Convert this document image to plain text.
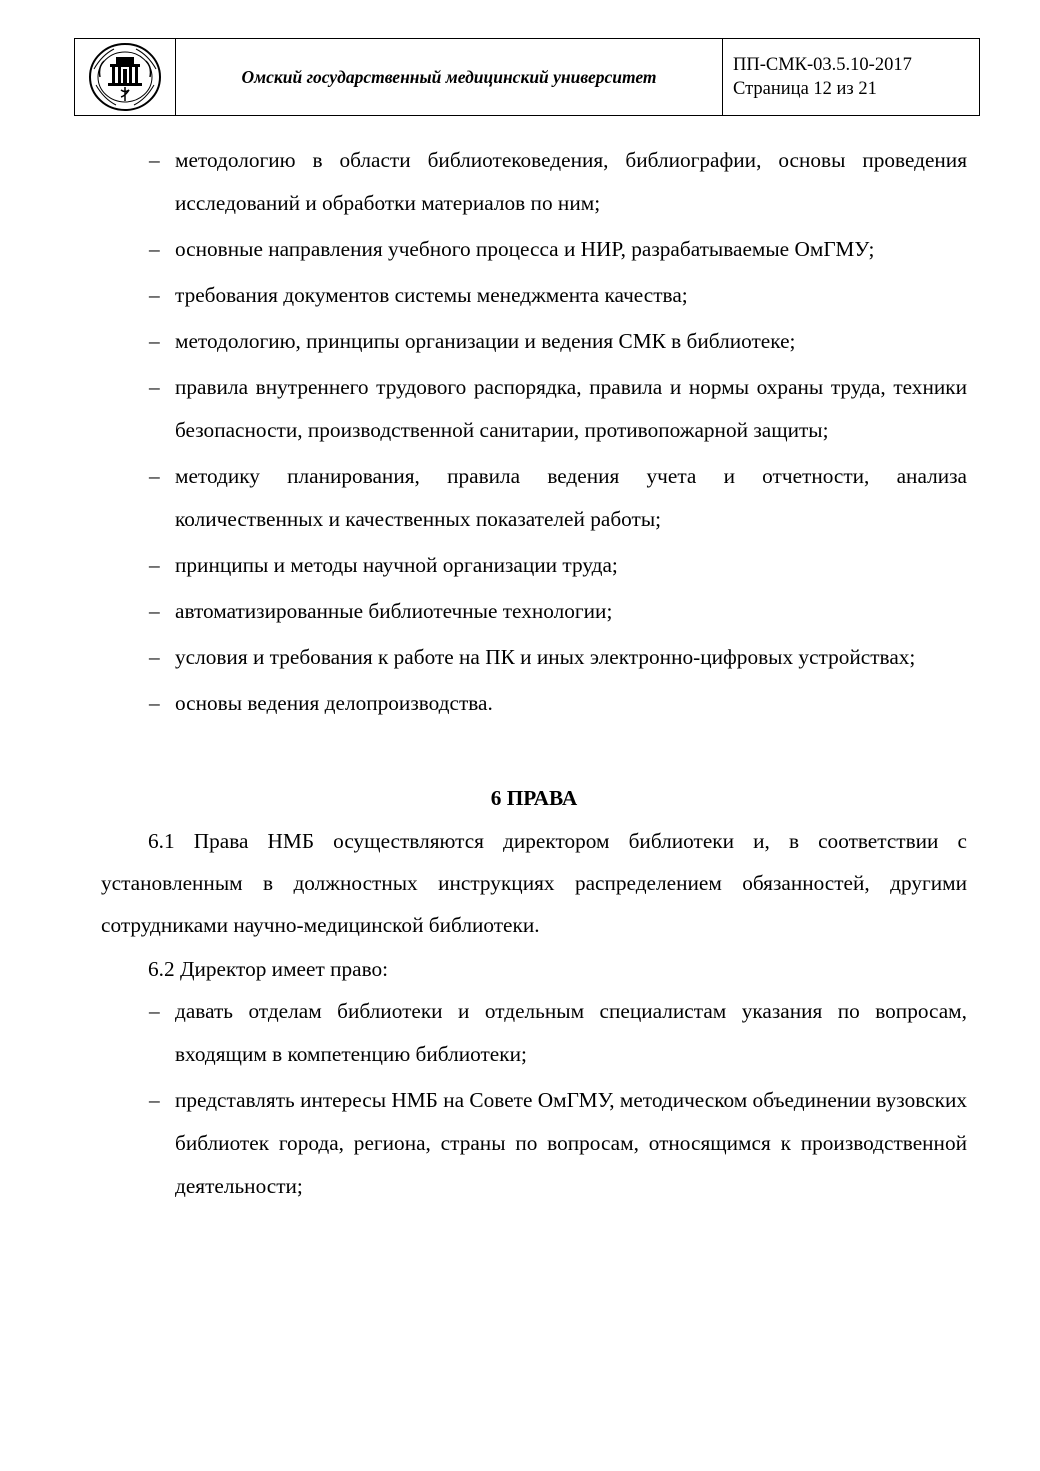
Омский государственный медицинский университет
ПП-СМК-03.5.10-2017
Страница 12 из 21
– методологию в области библиотековедения, библиографии, основы проведения исследований и обработки материалов по ним;
– основные направления учебного процесса и НИР, разрабатываемые ОмГМУ;
– требования документов системы менеджмента качества;
– методологию, принципы организации и ведения СМК в библиотеке;
– правила внутреннего трудового распорядка, правила и нормы охраны труда, техники безопасности, производственной санитарии, противопожарной защиты;
– методику планирования, правила ведения учета и отчетности, анализа количественных и качественных показателей работы;
– принципы и методы научной организации труда;
– автоматизированные библиотечные технологии;
– условия и требования к работе на ПК и иных электронно-цифровых устройствах;
– основы ведения делопроизводства.
6 ПРАВА

6.1 Права НМБ осуществляются директором библиотеки и, в соответствии с установленным в должностных инструкциях распределением обязанностей, другими сотрудниками научно-медицинской библиотеки.

6.2 Директор имеет право:

– давать отделам библиотеки и отдельным специалистам указания по вопросам, входящим в компетенцию библиотеки;
– представлять интересы НМБ на Совете ОмГМУ, методическом объединении вузовских библиотек города, региона, страны по вопросам, относящимся к производственной деятельности;
